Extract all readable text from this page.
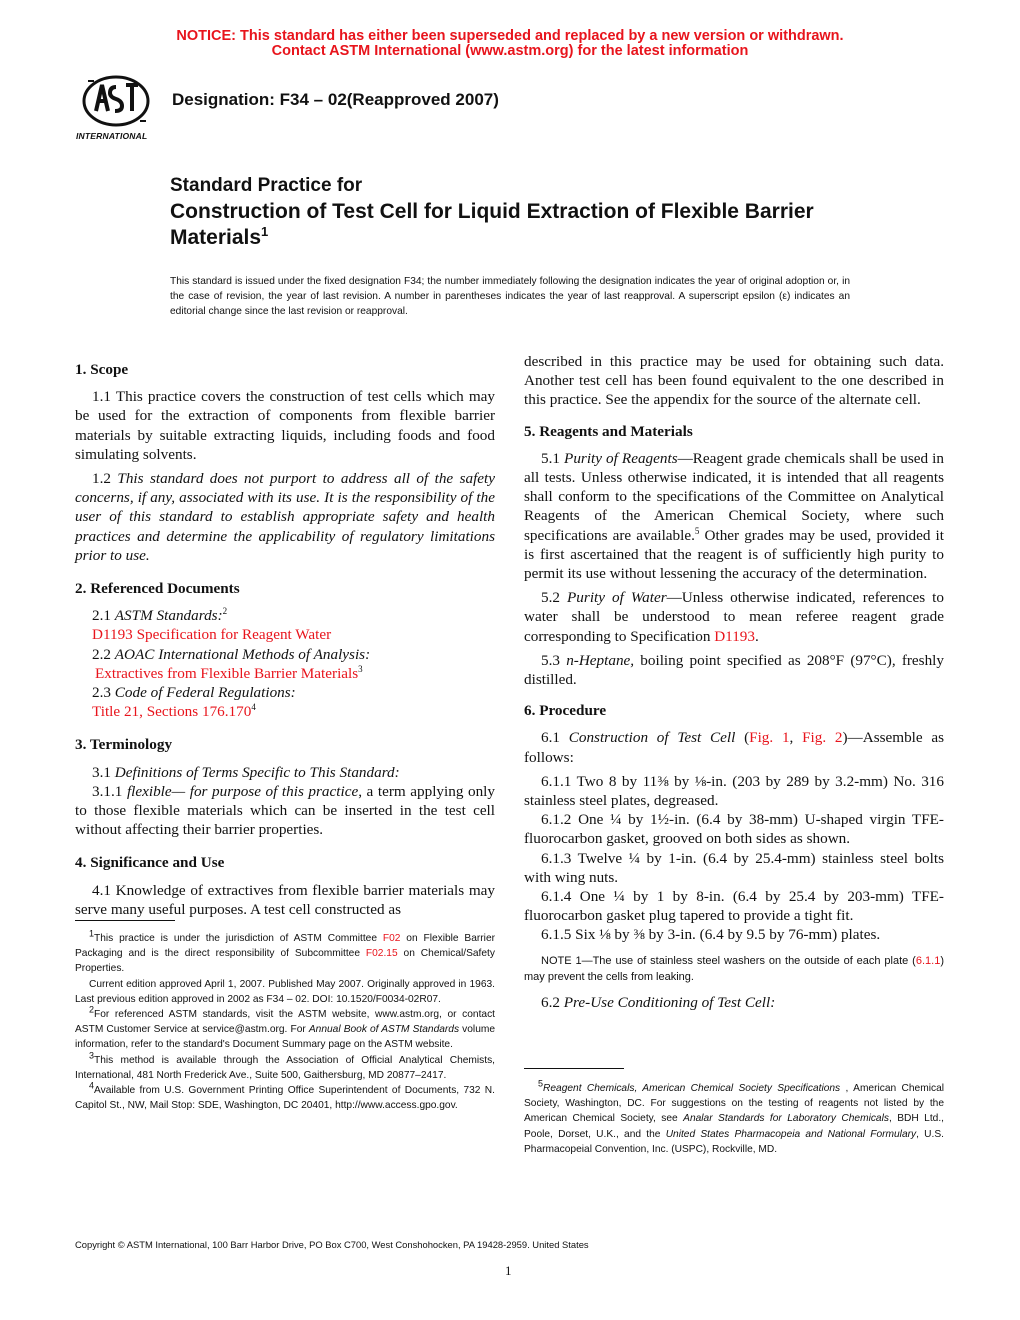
NOTICE: This standard has either been superseded and replaced by a new version or withdrawn.
Contact ASTM International (www.astm.org) for the latest information
INTERNATIONAL
Designation: F34 – 02(Reapproved 2007)
Standard Practice for
Construction of Test Cell for Liquid Extraction of Flexible Barrier Materials$^1$
This standard is issued under the fixed designation F34; the number immediately following the designation indicates the year of original adoption or, in the case of revision, the year of last revision. A number in parentheses indicates the year of last reapproval. A superscript epsilon (ε) indicates an editorial change since the last revision or reapproval.
1. Scope

1.1 This practice covers the construction of test cells which may be used for the extraction of components from flexible barrier materials by suitable extracting liquids, including foods and food simulating solvents.

1.2 This standard does not purport to address all of the safety concerns, if any, associated with its use. It is the responsibility of the user of this standard to establish appropriate safety and health practices and determine the applicability of regulatory limitations prior to use.

2. Referenced Documents

2.1 ASTM Standards:$^2$

D1193 Specification for Reagent Water

2.2 AOAC International Methods of Analysis:

Extractives from Flexible Barrier Materials$^3$

2.3 Code of Federal Regulations:

Title 21, Sections 176.170$^4$

3. Terminology

3.1 Definitions of Terms Specific to This Standard:

3.1.1 flexible— for purpose of this practice, a term applying only to those flexible materials which can be inserted in the test cell without affecting their barrier properties.

4. Significance and Use

4.1 Knowledge of extractives from flexible barrier materials may serve many useful purposes. A test cell constructed as

$^1$This practice is under the jurisdiction of ASTM Committee F02 on Flexible Barrier Packaging and is the direct responsibility of Subcommittee F02.15 on Chemical/Safety Properties.

Current edition approved April 1, 2007. Published May 2007. Originally approved in 1963. Last previous edition approved in 2002 as F34 – 02. DOI: 10.1520/F0034-02R07.

$^2$For referenced ASTM standards, visit the ASTM website, www.astm.org, or contact ASTM Customer Service at service@astm.org. For Annual Book of ASTM Standards volume information, refer to the standard's Document Summary page on the ASTM website.

$^3$This method is available through the Association of Official Analytical Chemists, International, 481 North Frederick Ave., Suite 500, Gaithersburg, MD 20877–2417.

$^4$Available from U.S. Government Printing Office Superintendent of Documents, 732 N. Capitol St., NW, Mail Stop: SDE, Washington, DC 20401, http://www.access.gpo.gov.

described in this practice may be used for obtaining such data. Another test cell has been found equivalent to the one described in this practice. See the appendix for the source of the alternate cell.

5. Reagents and Materials

5.1 Purity of Reagents—Reagent grade chemicals shall be used in all tests. Unless otherwise indicated, it is intended that all reagents shall conform to the specifications of the Committee on Analytical Reagents of the American Chemical Society, where such specifications are available.$^5$ Other grades may be used, provided it is first ascertained that the reagent is of sufficiently high purity to permit its use without lessening the accuracy of the determination.

5.2 Purity of Water—Unless otherwise indicated, references to water shall be understood to mean referee reagent grade corresponding to Specification D1193.

5.3 n-Heptane, boiling point specified as 208°F (97°C), freshly distilled.

6. Procedure

6.1 Construction of Test Cell (Fig. 1, Fig. 2)—Assemble as follows:

6.1.1 Two 8 by 11⅜ by ⅛-in. (203 by 289 by 3.2-mm) No. 316 stainless steel plates, degreased.

6.1.2 One ¼ by 1½-in. (6.4 by 38-mm) U-shaped virgin TFE-fluorocarbon gasket, grooved on both sides as shown.

6.1.3 Twelve ¼ by 1-in. (6.4 by 25.4-mm) stainless steel bolts with wing nuts.

6.1.4 One ¼ by 1 by 8-in. (6.4 by 25.4 by 203-mm) TFE-fluorocarbon gasket plug tapered to provide a tight fit.

6.1.5 Six ⅛ by ⅜ by 3-in. (6.4 by 9.5 by 76-mm) plates.

NOTE 1—The use of stainless steel washers on the outside of each plate (6.1.1) may prevent the cells from leaking.

6.2 Pre-Use Conditioning of Test Cell:

$^5$Reagent Chemicals, American Chemical Society Specifications , American Chemical Society, Washington, DC. For suggestions on the testing of reagents not listed by the American Chemical Society, see Analar Standards for Laboratory Chemicals, BDH Ltd., Poole, Dorset, U.K., and the United States Pharmacopeia and National Formulary, U.S. Pharmacopeial Convention, Inc. (USPC), Rockville, MD.

Copyright © ASTM International, 100 Barr Harbor Drive, PO Box C700, West Conshohocken, PA 19428-2959. United States
1
